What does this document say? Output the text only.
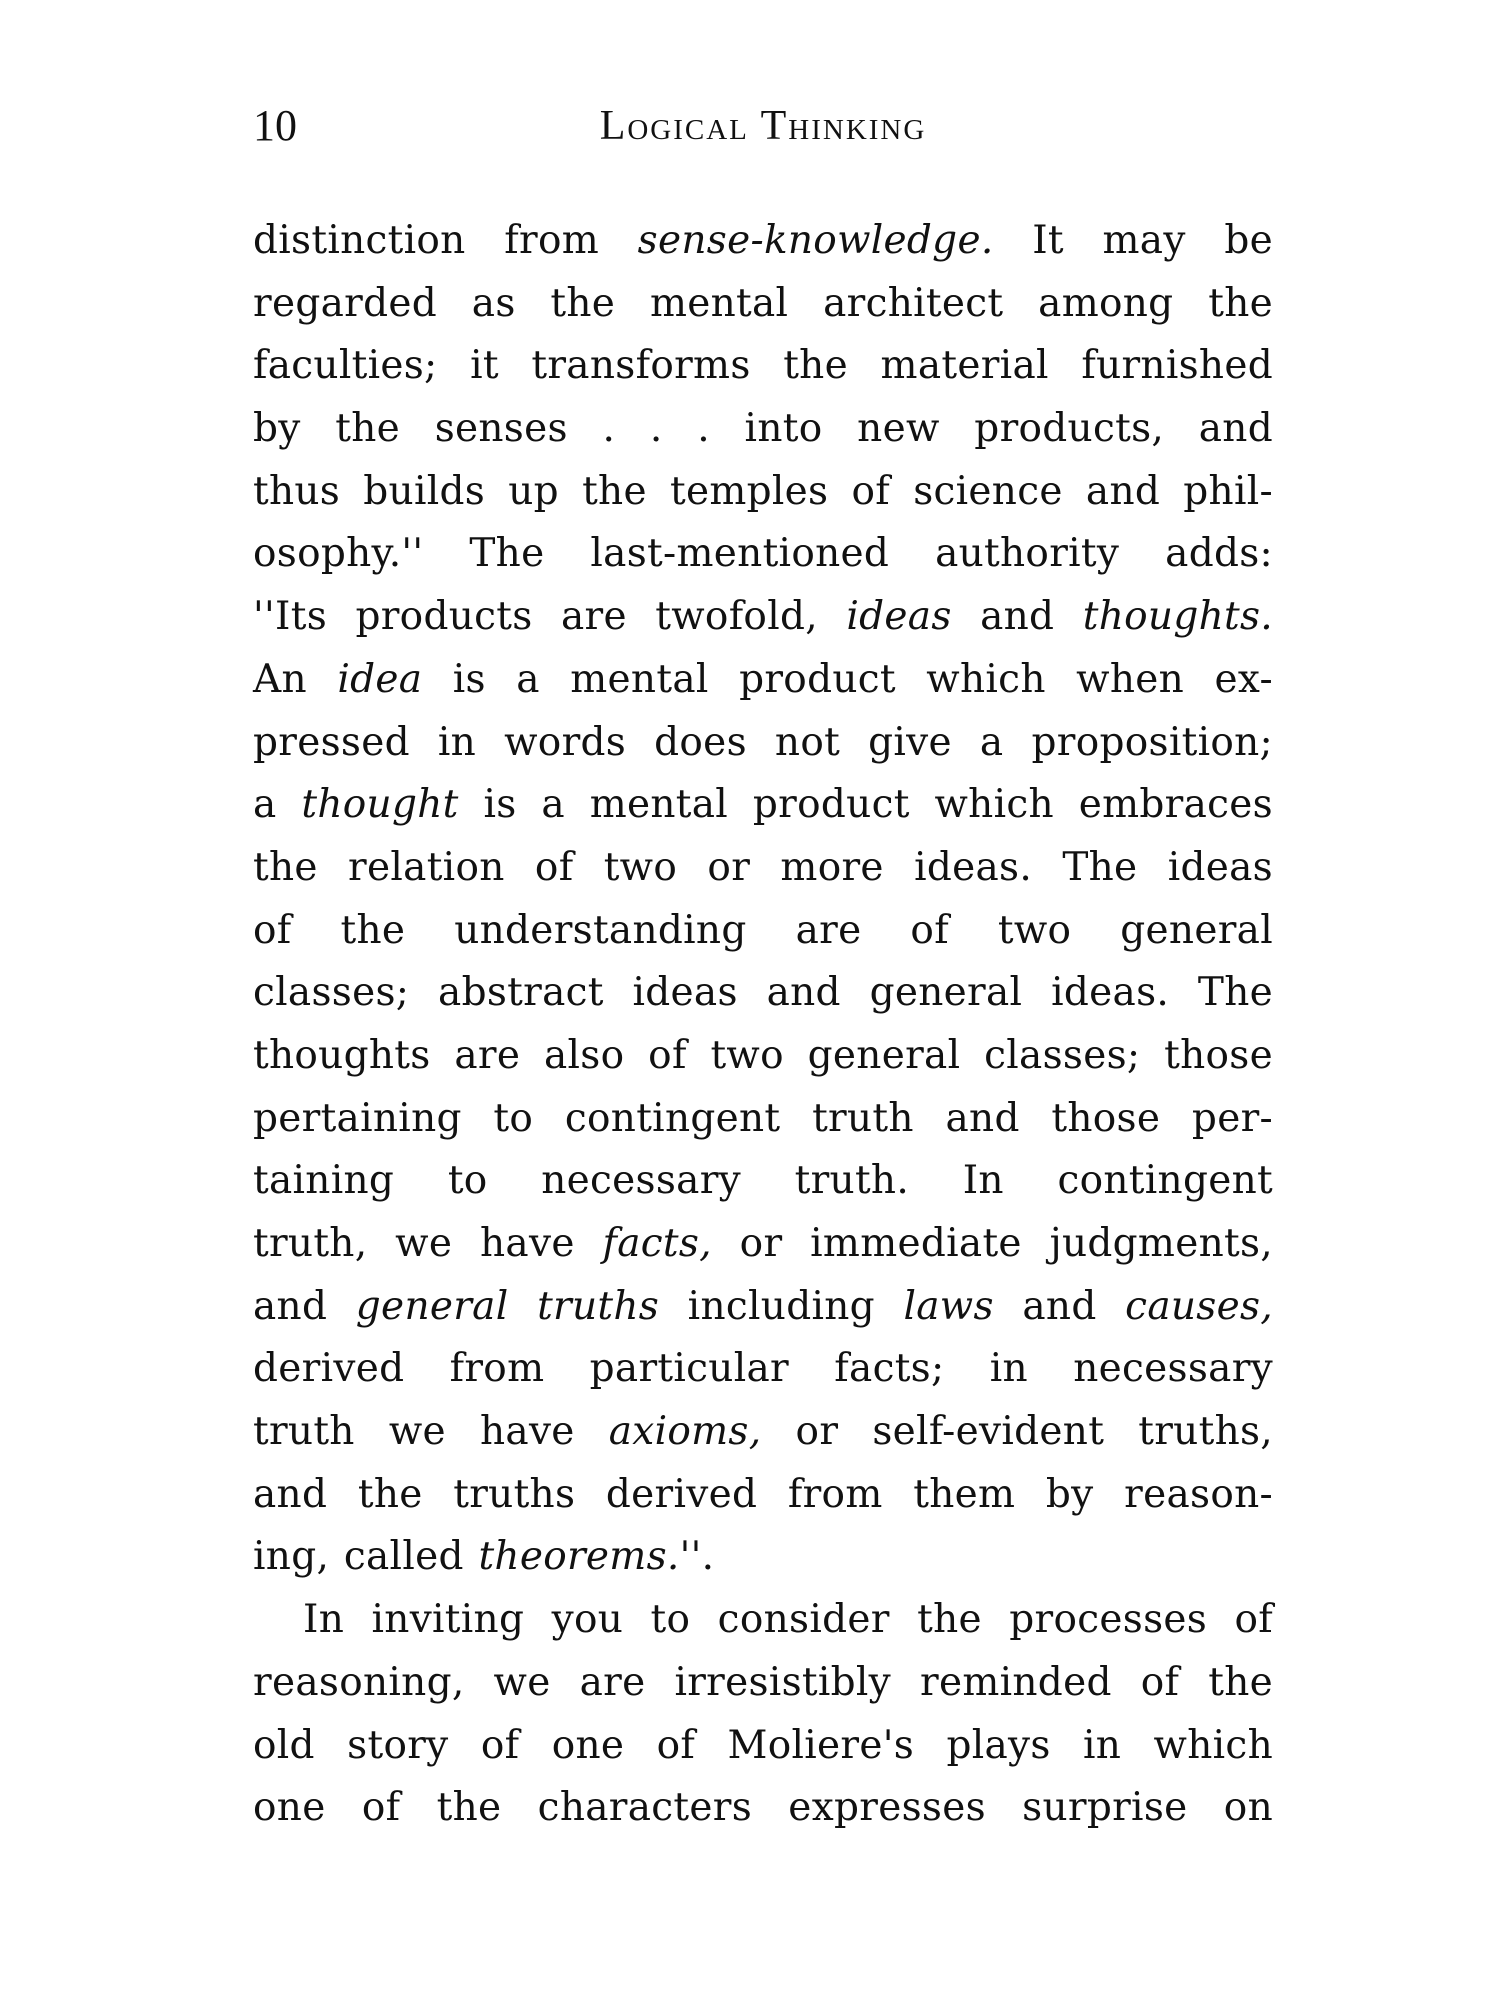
10	Logical Thinking
distinction from sense-knowledge. It may be
regarded as the mental architect among the
faculties; it transforms the material furnished
by the senses . . . into new products, and
thus builds up the temples of science and phil-
osophy.'' The last-mentioned authority adds:
''Its products are twofold, ideas and thoughts.
An idea is a mental product which when ex-
pressed in words does not give a proposition;
a thought is a mental product which embraces
the relation of two or more ideas. The ideas
of the understanding are of two general
classes; abstract ideas and general ideas. The
thoughts are also of two general classes; those
pertaining to contingent truth and those per-
taining to necessary truth. In contingent
truth, we have facts, or immediate judgments,
and general truths including laws and causes,
derived from particular facts; in necessary
truth we have axioms, or self-evident truths,
and the truths derived from them by reason-
ing, called theorems.''.
In inviting you to consider the processes of
reasoning, we are irresistibly reminded of the
old story of one of Moliere's plays in which
one of the characters expresses surprise on
